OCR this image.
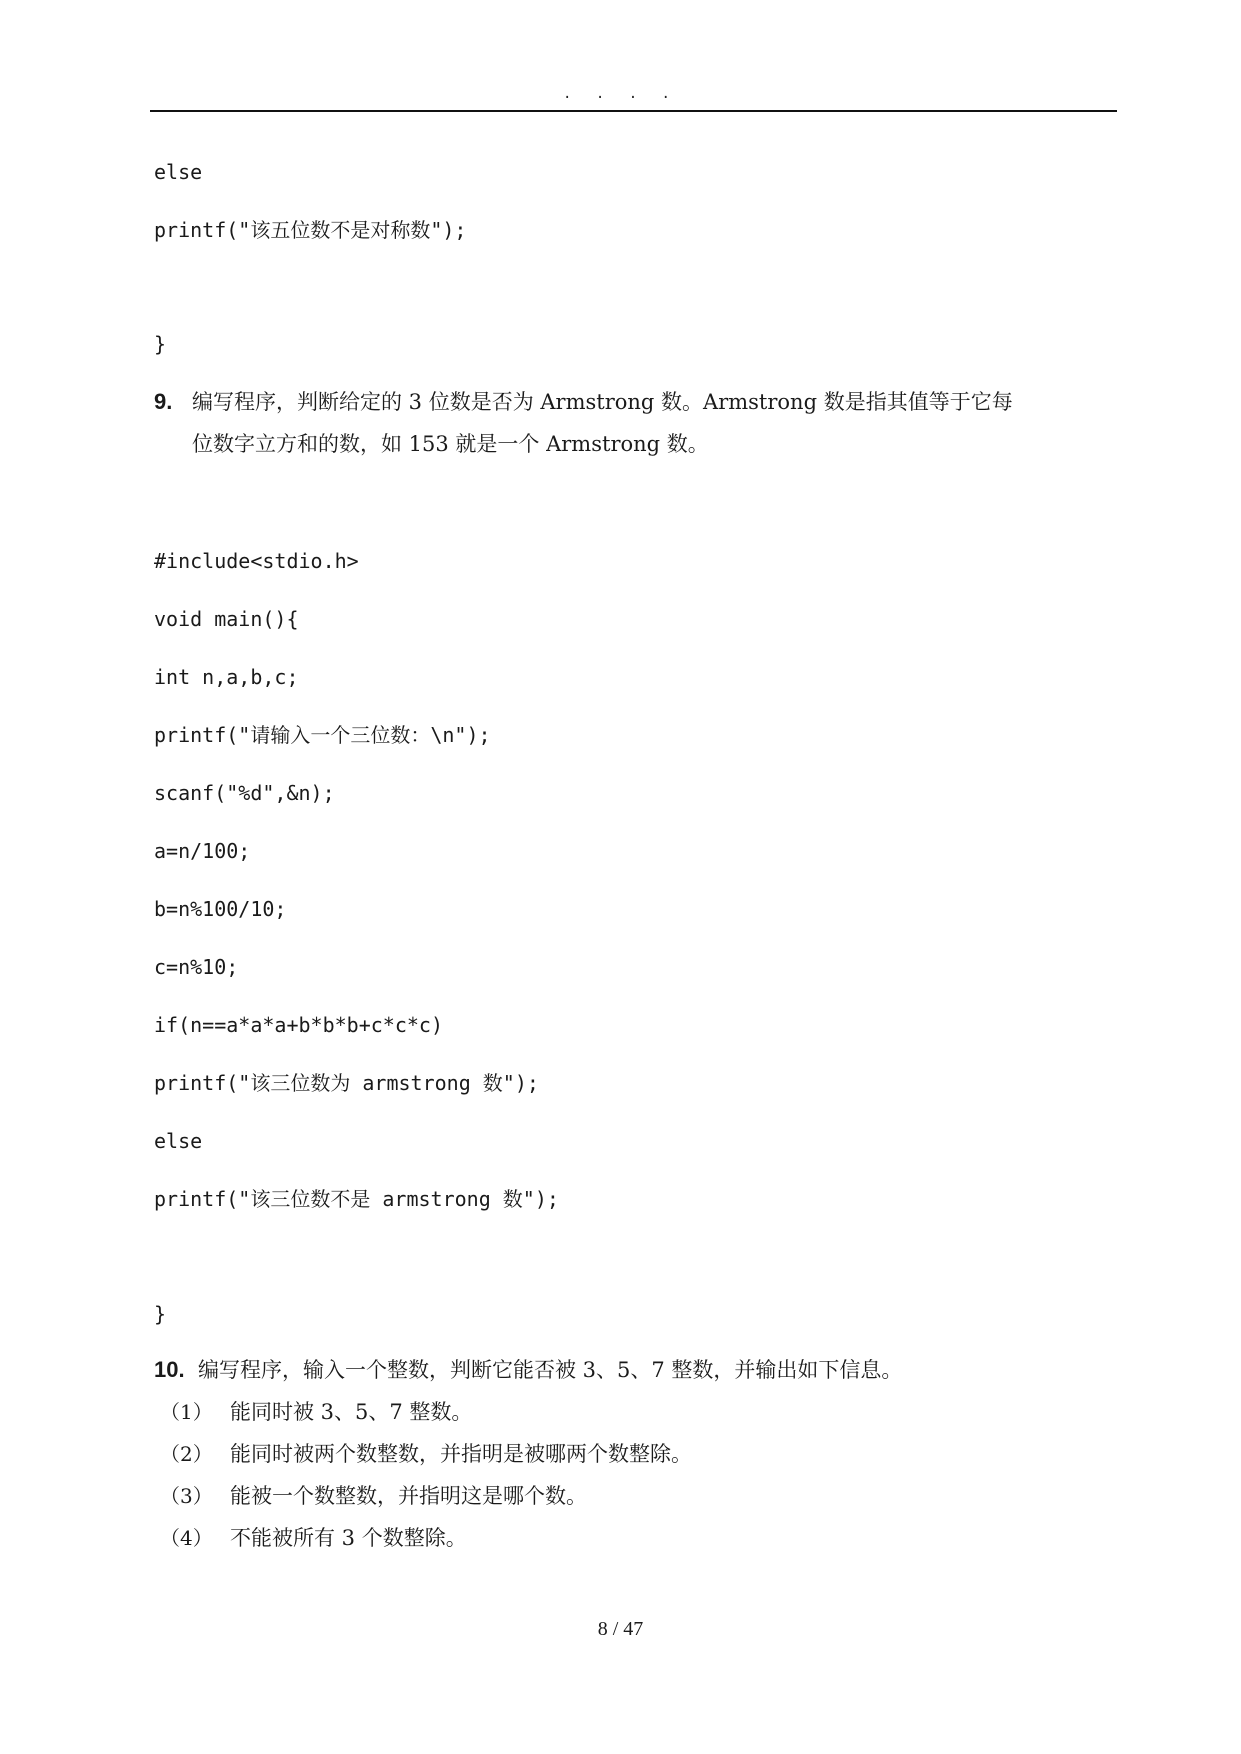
. . . .
else
printf("该五位数不是对称数");
}
9. 编写程序，判断给定的 3 位数是否为 Armstrong 数。Armstrong 数是指其值等于它每
位数字立方和的数，如 153 就是一个 Armstrong 数。
#include<stdio.h>
void main(){
int n,a,b,c;
printf("请输入一个三位数：\n");
scanf("%d",&n);
a=n/100;
b=n%100/10;
c=n%10;
if(n==a*a*a+b*b*b+c*c*c)
printf("该三位数为 armstrong 数");
else
printf("该三位数不是 armstrong 数");
}
10. 编写程序，输入一个整数，判断它能否被 3、5、7 整数，并输出如下信息。
（1） 能同时被 3、5、7 整数。
（2） 能同时被两个数整数，并指明是被哪两个数整除。
（3） 能被一个数整数，并指明这是哪个数。
（4） 不能被所有 3 个数整除。
8 / 47
